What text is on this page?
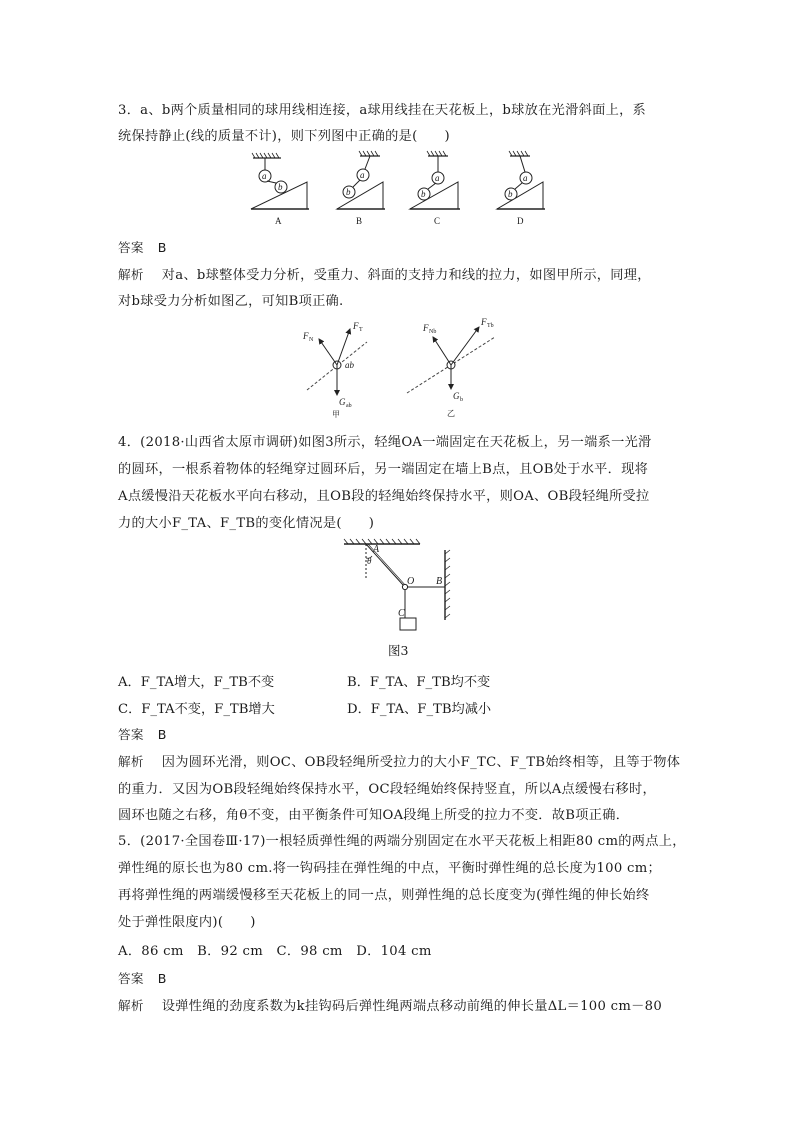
3．a、b两个质量相同的球用线相连接，a球用线挂在天花板上，b球放在光滑斜面上，系
统保持静止(线的质量不计)，则下列图中正确的是(　　)
a
b
A
a
b
B
a
b
C
a
b
D
答案 B
解析 对a、b球整体受力分析，受重力、斜面的支持力和线的拉力，如图甲所示，同理，
对b球受力分析如图乙，可知B项正确.
F N
F T
ab
G ab
甲
F Nb
F Tb
G b
乙
4．(2018·山西省太原市调研)如图3所示，轻绳OA一端固定在天花板上，另一端系一光滑
的圆环，一根系着物体的轻绳穿过圆环后，另一端固定在墙上B点，且OB处于水平．现将
A点缓慢沿天花板水平向右移动，且OB段的轻绳始终保持水平，则OA、OB段轻绳所受拉
力的大小F_TA、F_TB的变化情况是(　　)
A
θ
O B
C
图3
A．F_TA增大，F_TB不变	B．F_TA、F_TB均不变
C．F_TA不变，F_TB增大	D．F_TA、F_TB均减小
答案 B
解析 因为圆环光滑，则OC、OB段轻绳所受拉力的大小F_TC、F_TB始终相等，且等于物体
的重力．又因为OB段轻绳始终保持水平，OC段轻绳始终保持竖直，所以A点缓慢右移时，
圆环也随之右移，角θ不变，由平衡条件可知OA段绳上所受的拉力不变．故B项正确．
5．(2017·全国卷Ⅲ·17)一根轻质弹性绳的两端分别固定在水平天花板上相距80 cm的两点上，
弹性绳的原长也为80 cm.将一钩码挂在弹性绳的中点，平衡时弹性绳的总长度为100 cm；
再将弹性绳的两端缓慢移至天花板上的同一点，则弹性绳的总长度变为(弹性绳的伸长始终
处于弹性限度内)(　　)
A．86 cm　B．92 cm　C．98 cm　D．104 cm
答案 B
解析 设弹性绳的劲度系数为k挂钩码后弹性绳两端点移动前绳的伸长量ΔL＝100 cm－80
